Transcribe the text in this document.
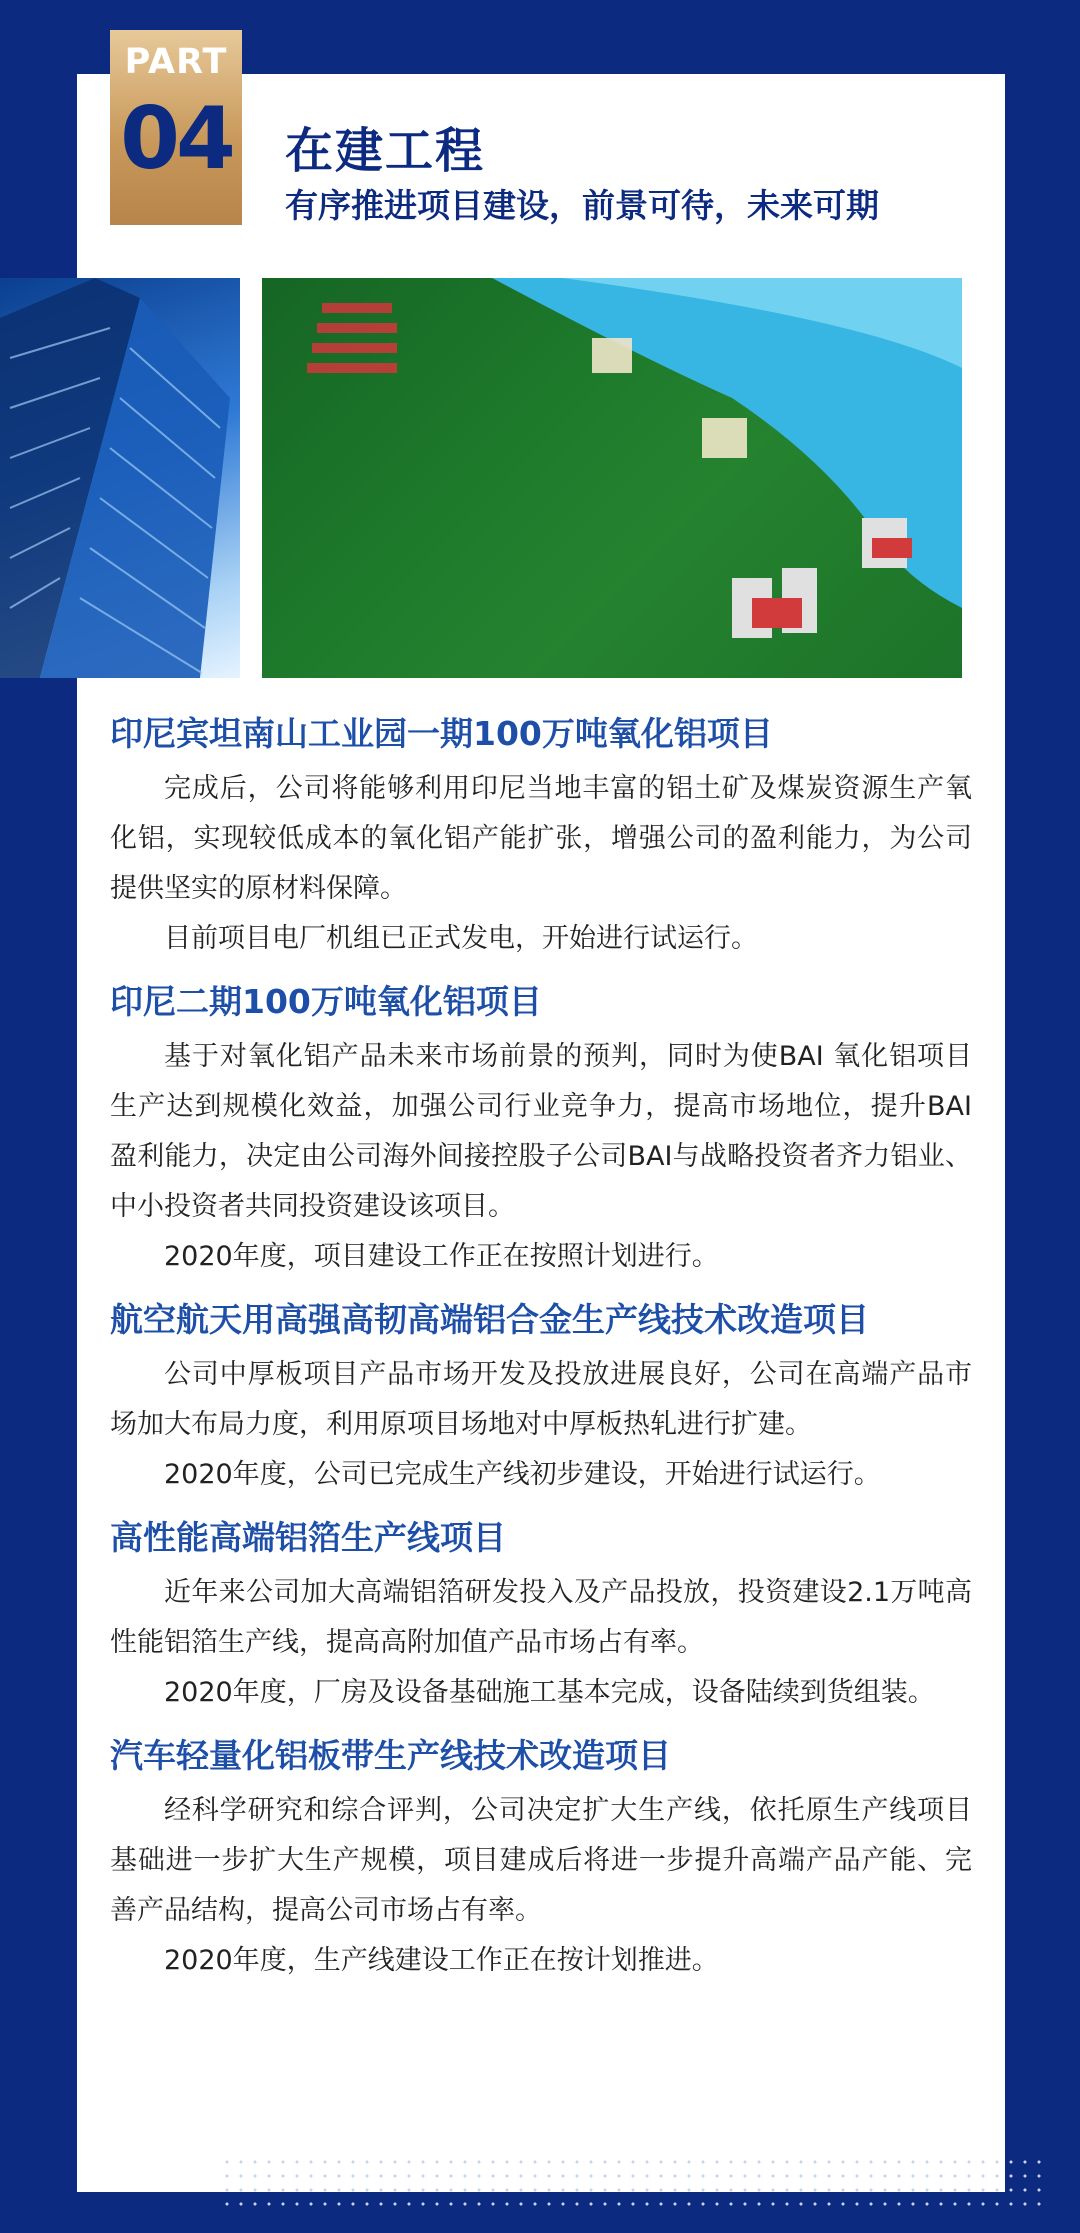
PART
04 在建工程
有序推进项目建设，前景可待，未来可期
印尼宾坦南山工业园一期100万吨氧化铝项目

完成后，公司将能够利用印尼当地丰富的铝土矿及煤炭资源生产氧化铝，实现较低成本的氧化铝产能扩张，增强公司的盈利能力，为公司提供坚实的原材料保障。

目前项目电厂机组已正式发电，开始进行试运行。

印尼二期100万吨氧化铝项目

基于对氧化铝产品未来市场前景的预判，同时为使BAI 氧化铝项目生产达到规模化效益，加强公司行业竞争力，提高市场地位，提升BAI 盈利能力，决定由公司海外间接控股子公司BAI与战略投资者齐力铝业、中小投资者共同投资建设该项目。

2020年度，项目建设工作正在按照计划进行。

航空航天用高强高韧高端铝合金生产线技术改造项目

公司中厚板项目产品市场开发及投放进展良好，公司在高端产品市场加大布局力度，利用原项目场地对中厚板热轧进行扩建。

2020年度，公司已完成生产线初步建设，开始进行试运行。

高性能高端铝箔生产线项目

近年来公司加大高端铝箔研发投入及产品投放，投资建设2.1万吨高性能铝箔生产线，提高高附加值产品市场占有率。

2020年度，厂房及设备基础施工基本完成，设备陆续到货组装。

汽车轻量化铝板带生产线技术改造项目

经科学研究和综合评判，公司决定扩大生产线，依托原生产线项目基础进一步扩大生产规模，项目建成后将进一步提升高端产品产能、完善产品结构，提高公司市场占有率。

2020年度，生产线建设工作正在按计划推进。
